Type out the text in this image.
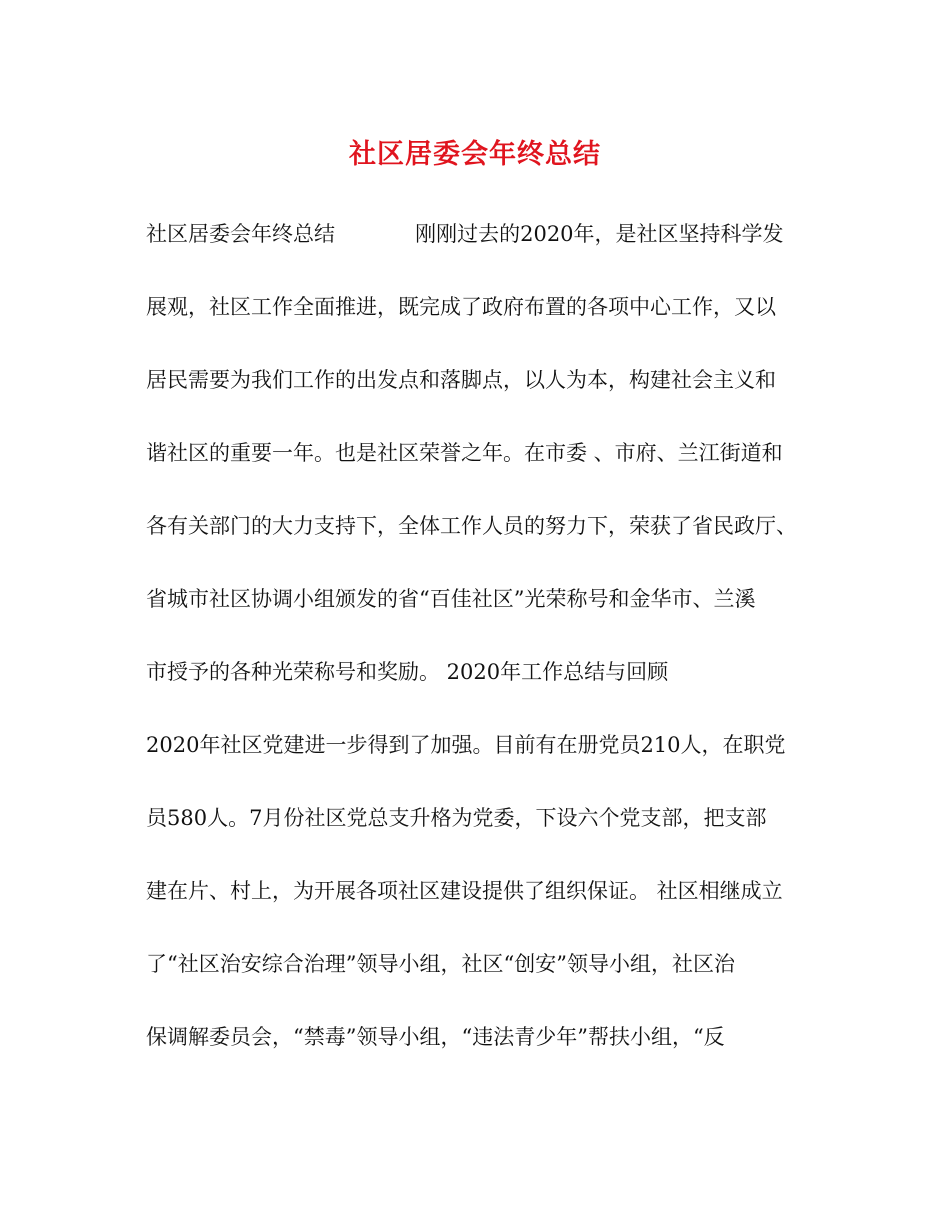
社区居委会年终总结
社区居委会年终总结            刚刚过去的2020年，是社区坚持科学发
展观，社区工作全面推进，既完成了政府布置的各项中心工作，又以
居民需要为我们工作的出发点和落脚点，以人为本，构建社会主义和
谐社区的重要一年。也是社区荣誉之年。在市委 、市府、兰江街道和
各有关部门的大力支持下，全体工作人员的努力下，荣获了省民政厅、
省城市社区协调小组颁发的省“百佳社区”光荣称号和金华市、兰溪
市授予的各种光荣称号和奖励。 2020年工作总结与回顾
2020年社区党建进一步得到了加强。目前有在册党员210人，在职党
员580人。7月份社区党总支升格为党委，下设六个党支部，把支部
建在片、村上，为开展各项社区建设提供了组织保证。 社区相继成立
了“社区治安综合治理”领导小组，社区“创安”领导小组，社区治
保调解委员会，“禁毒”领导小组，“违法青少年”帮扶小组，“反
